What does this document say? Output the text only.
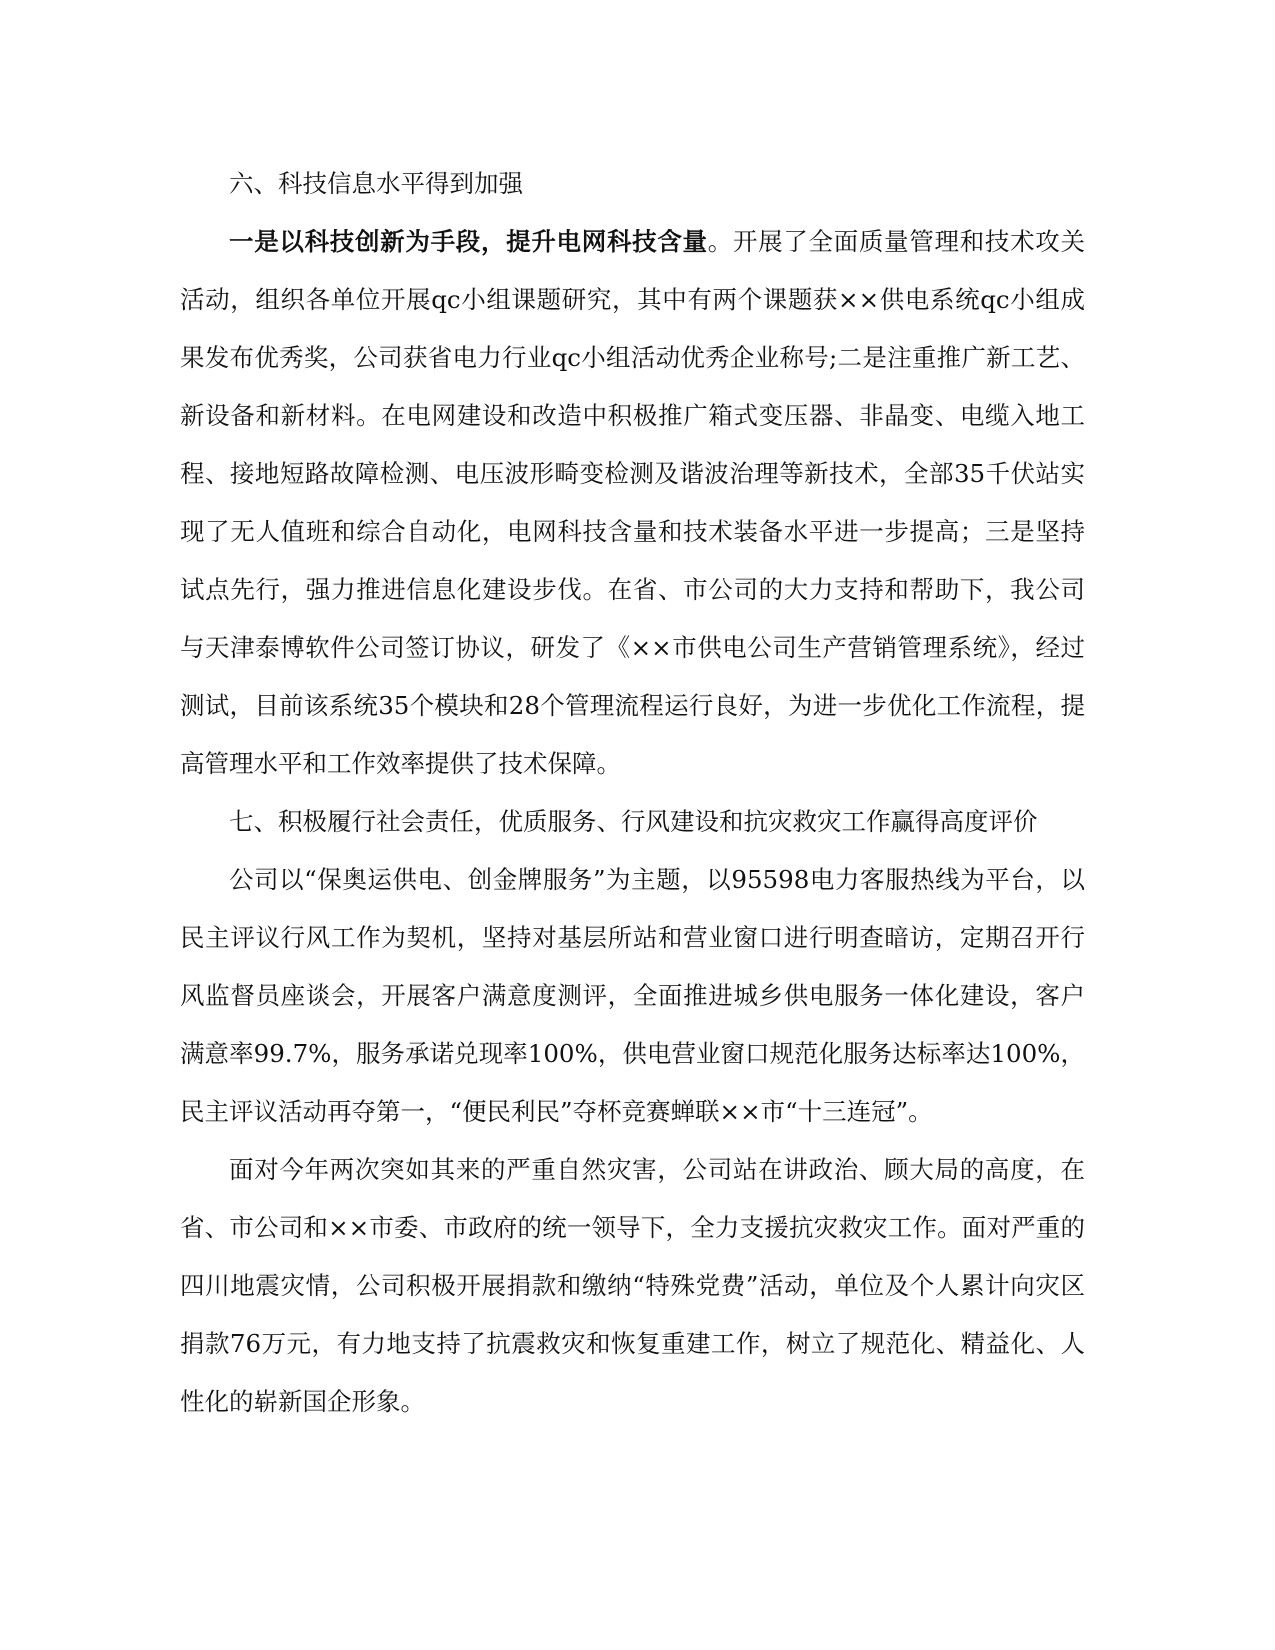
六、科技信息水平得到加强

一是以科技创新为手段，提升电网科技含量。开展了全面质量管理和技术攻关活动，组织各单位开展qc小组课题研究，其中有两个课题获××供电系统qc小组成果发布优秀奖，公司获省电力行业qc小组活动优秀企业称号;二是注重推广新工艺、新设备和新材料。在电网建设和改造中积极推广箱式变压器、非晶变、电缆入地工程、接地短路故障检测、电压波形畸变检测及谐波治理等新技术，全部35千伏站实现了无人值班和综合自动化，电网科技含量和技术装备水平进一步提高；三是坚持试点先行，强力推进信息化建设步伐。在省、市公司的大力支持和帮助下，我公司与天津泰博软件公司签订协议，研发了《××市供电公司生产营销管理系统》，经过测试，目前该系统35个模块和28个管理流程运行良好，为进一步优化工作流程，提高管理水平和工作效率提供了技术保障。

七、积极履行社会责任，优质服务、行风建设和抗灾救灾工作赢得高度评价

公司以“保奥运供电、创金牌服务”为主题，以95598电力客服热线为平台，以民主评议行风工作为契机，坚持对基层所站和营业窗口进行明查暗访，定期召开行风监督员座谈会，开展客户满意度测评，全面推进城乡供电服务一体化建设，客户满意率99.7%，服务承诺兑现率100%，供电营业窗口规范化服务达标率达100%，民主评议活动再夺第一，“便民利民”夺杯竞赛蝉联××市“十三连冠”。

面对今年两次突如其来的严重自然灾害，公司站在讲政治、顾大局的高度，在省、市公司和××市委、市政府的统一领导下，全力支援抗灾救灾工作。面对严重的四川地震灾情，公司积极开展捐款和缴纳“特殊党费”活动，单位及个人累计向灾区捐款76万元，有力地支持了抗震救灾和恢复重建工作，树立了规范化、精益化、人性化的崭新国企形象。
